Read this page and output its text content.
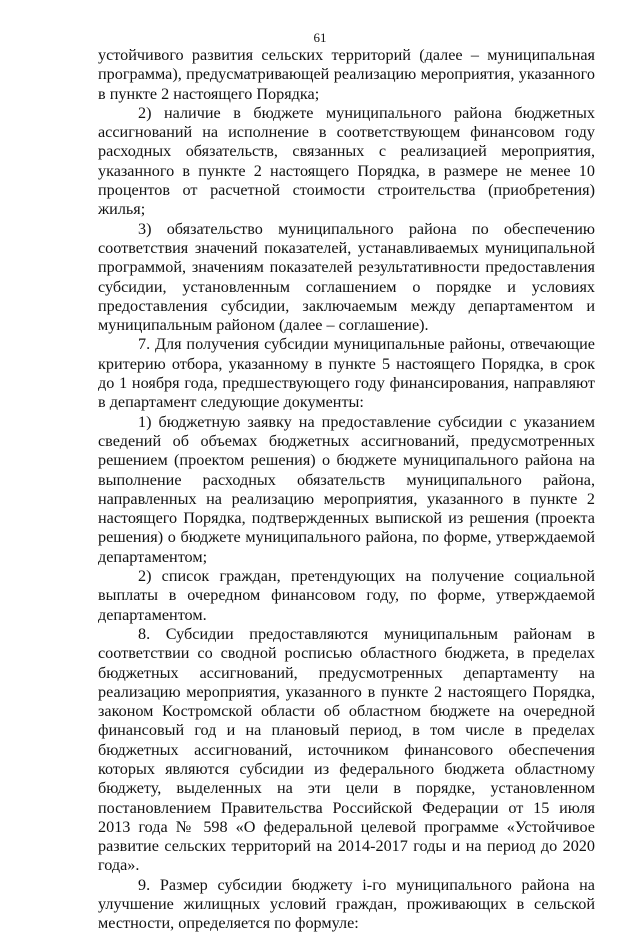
61

устойчивого развития сельских территорий (далее – муниципальная программа), предусматривающей реализацию мероприятия, указанного в пункте 2 настоящего Порядка;

2) наличие в бюджете муниципального района бюджетных ассигнований на исполнение в соответствующем финансовом году расходных обязательств, связанных с реализацией мероприятия, указанного в пункте 2 настоящего Порядка, в размере не менее 10 процентов от расчетной стоимости строительства (приобретения) жилья;

3) обязательство муниципального района по обеспечению соответствия значений показателей, устанавливаемых муниципальной программой, значениям показателей результативности предоставления субсидии, установленным соглашением о порядке и условиях предоставления субсидии, заключаемым между департаментом и муниципальным районом (далее – соглашение).

7. Для получения субсидии муниципальные районы, отвечающие критерию отбора, указанному в пункте 5 настоящего Порядка, в срок до 1 ноября года, предшествующего году финансирования, направляют в департамент следующие документы:

1) бюджетную заявку на предоставление субсидии с указанием сведений об объемах бюджетных ассигнований, предусмотренных решением (проектом решения) о бюджете муниципального района на выполнение расходных обязательств муниципального района, направленных на реализацию мероприятия, указанного в пункте 2 настоящего Порядка, подтвержденных выпиской из решения (проекта решения) о бюджете муниципального района, по форме, утверждаемой департаментом;

2) список граждан, претендующих на получение социальной выплаты в очередном финансовом году, по форме, утверждаемой департаментом.

8. Субсидии предоставляются муниципальным районам в соответствии со сводной росписью областного бюджета, в пределах бюджетных ассигнований, предусмотренных департаменту на реализацию мероприятия, указанного в пункте 2 настоящего Порядка, законом Костромской области об областном бюджете на очередной финансовый год и на плановый период, в том числе в пределах бюджетных ассигнований, источником финансового обеспечения которых являются субсидии из федерального бюджета областному бюджету, выделенных на эти цели в порядке, установленном постановлением Правительства Российской Федерации от 15 июля 2013 года № 598 «О федеральной целевой программе «Устойчивое развитие сельских территорий на 2014-2017 годы и на период до 2020 года».

9. Размер субсидии бюджету i-го муниципального района на улучшение жилищных условий граждан, проживающих в сельской местности, определяется по формуле:
